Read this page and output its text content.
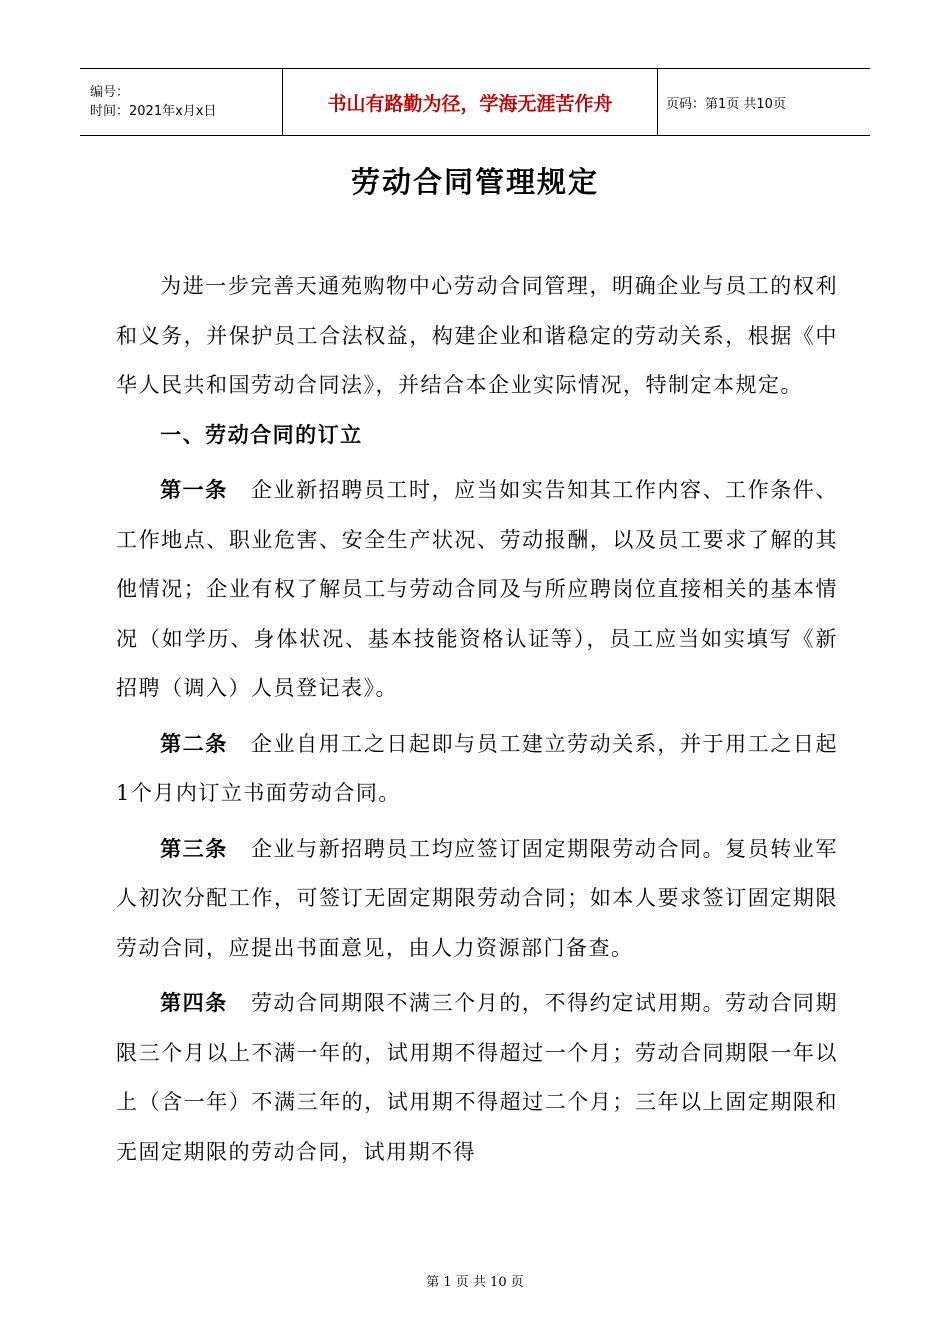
编号：
时间：2021年x月x日	书山有路勤为径，学海无涯苦作舟	页码：第1页 共10页
劳动合同管理规定

为进一步完善天通苑购物中心劳动合同管理，明确企业与员工的权利和义务，并保护员工合法权益，构建企业和谐稳定的劳动关系，根据《中华人民共和国劳动合同法》，并结合本企业实际情况，特制定本规定。

一、劳动合同的订立

第一条 企业新招聘员工时，应当如实告知其工作内容、工作条件、工作地点、职业危害、安全生产状况、劳动报酬，以及员工要求了解的其他情况；企业有权了解员工与劳动合同及与所应聘岗位直接相关的基本情况（如学历、身体状况、基本技能资格认证等），员工应当如实填写《新招聘（调入）人员登记表》。

第二条 企业自用工之日起即与员工建立劳动关系，并于用工之日起1个月内订立书面劳动合同。

第三条 企业与新招聘员工均应签订固定期限劳动合同。复员转业军人初次分配工作，可签订无固定期限劳动合同；如本人要求签订固定期限劳动合同，应提出书面意见，由人力资源部门备查。

第四条 劳动合同期限不满三个月的，不得约定试用期。劳动合同期限三个月以上不满一年的，试用期不得超过一个月；劳动合同期限一年以上（含一年）不满三年的，试用期不得超过二个月；三年以上固定期限和无固定期限的劳动合同，试用期不得

第 1 页 共 10 页
